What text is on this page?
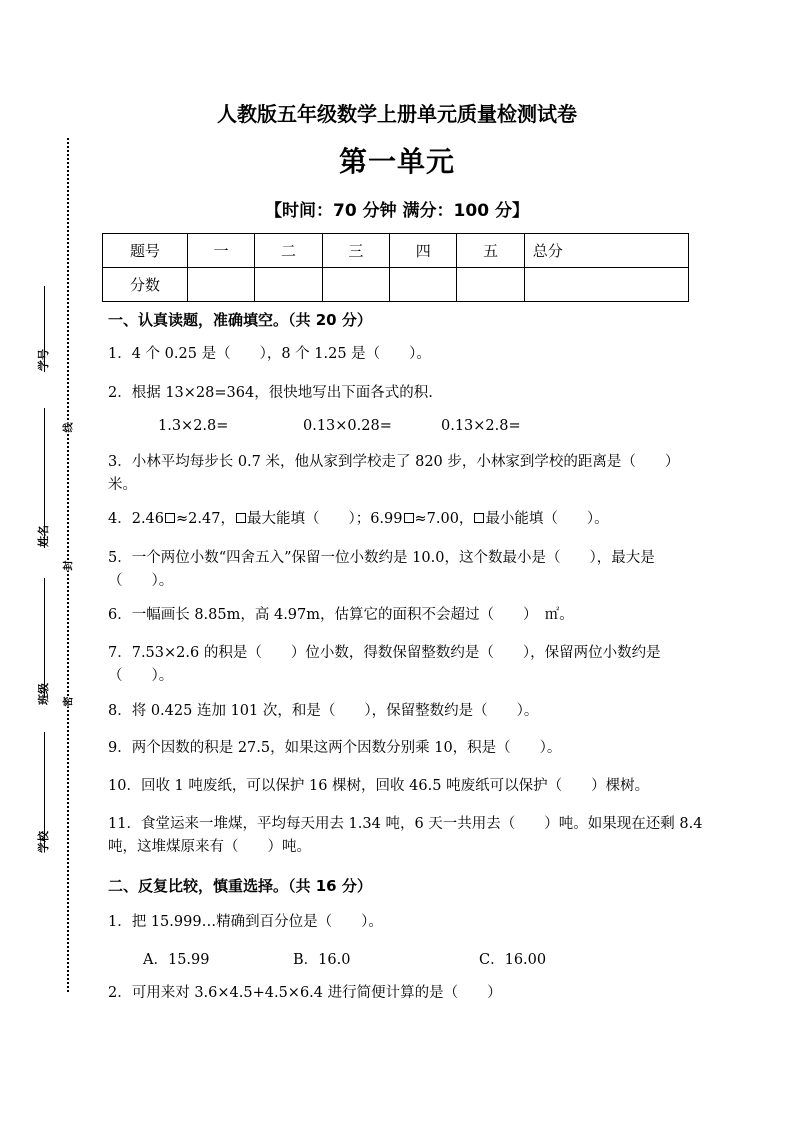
学号
姓名
班级
学校
线
封
密
人教版五年级数学上册单元质量检测试卷
第一单元
【时间：70 分钟 满分：100 分】
题号	一	二	三	四	五	总分
分数						
一、认真读题，准确填空。（共 20 分）
1．4 个 0.25 是（　　），8 个 1.25 是（　　）。
2．根据 13×28=364，很快地写出下面各式的积.
1.3×2.8=	0.13×0.28=	0.13×2.8=
3．小林平均每步长 0.7 米，他从家到学校走了 820 步，小林家到学校的距离是（　　）米。
4．2.46 ≈2.47， 最大能填（　　）；6.99 ≈7.00， 最小能填（　　）。
5．一个两位小数“四舍五入”保留一位小数约是 10.0，这个数最小是（　　），最大是（　　）。
6．一幅画长 8.85m，高 4.97m，估算它的面积不会超过（　　）　㎡。
7．7.53×2.6 的积是（　　）位小数，得数保留整数约是（　　），保留两位小数约是（　　）。
8．将 0.425 连加 101 次，和是（　　），保留整数约是（　　）。
9．两个因数的积是 27.5，如果这两个因数分别乘 10，积是（　　）。
10．回收 1 吨废纸，可以保护 16 棵树，回收 46.5 吨废纸可以保护（　　）棵树。
11．食堂运来一堆煤，平均每天用去 1.34 吨，6 天一共用去（　　）吨。如果现在还剩 8.4 吨，这堆煤原来有（　　）吨。
二、反复比较，慎重选择。（共 16 分）
1．把 15.999…精确到百分位是（　　）。
A．15.99	B．16.0	C．16.00
2．可用来对 3.6×4.5+4.5×6.4 进行简便计算的是（　　）
